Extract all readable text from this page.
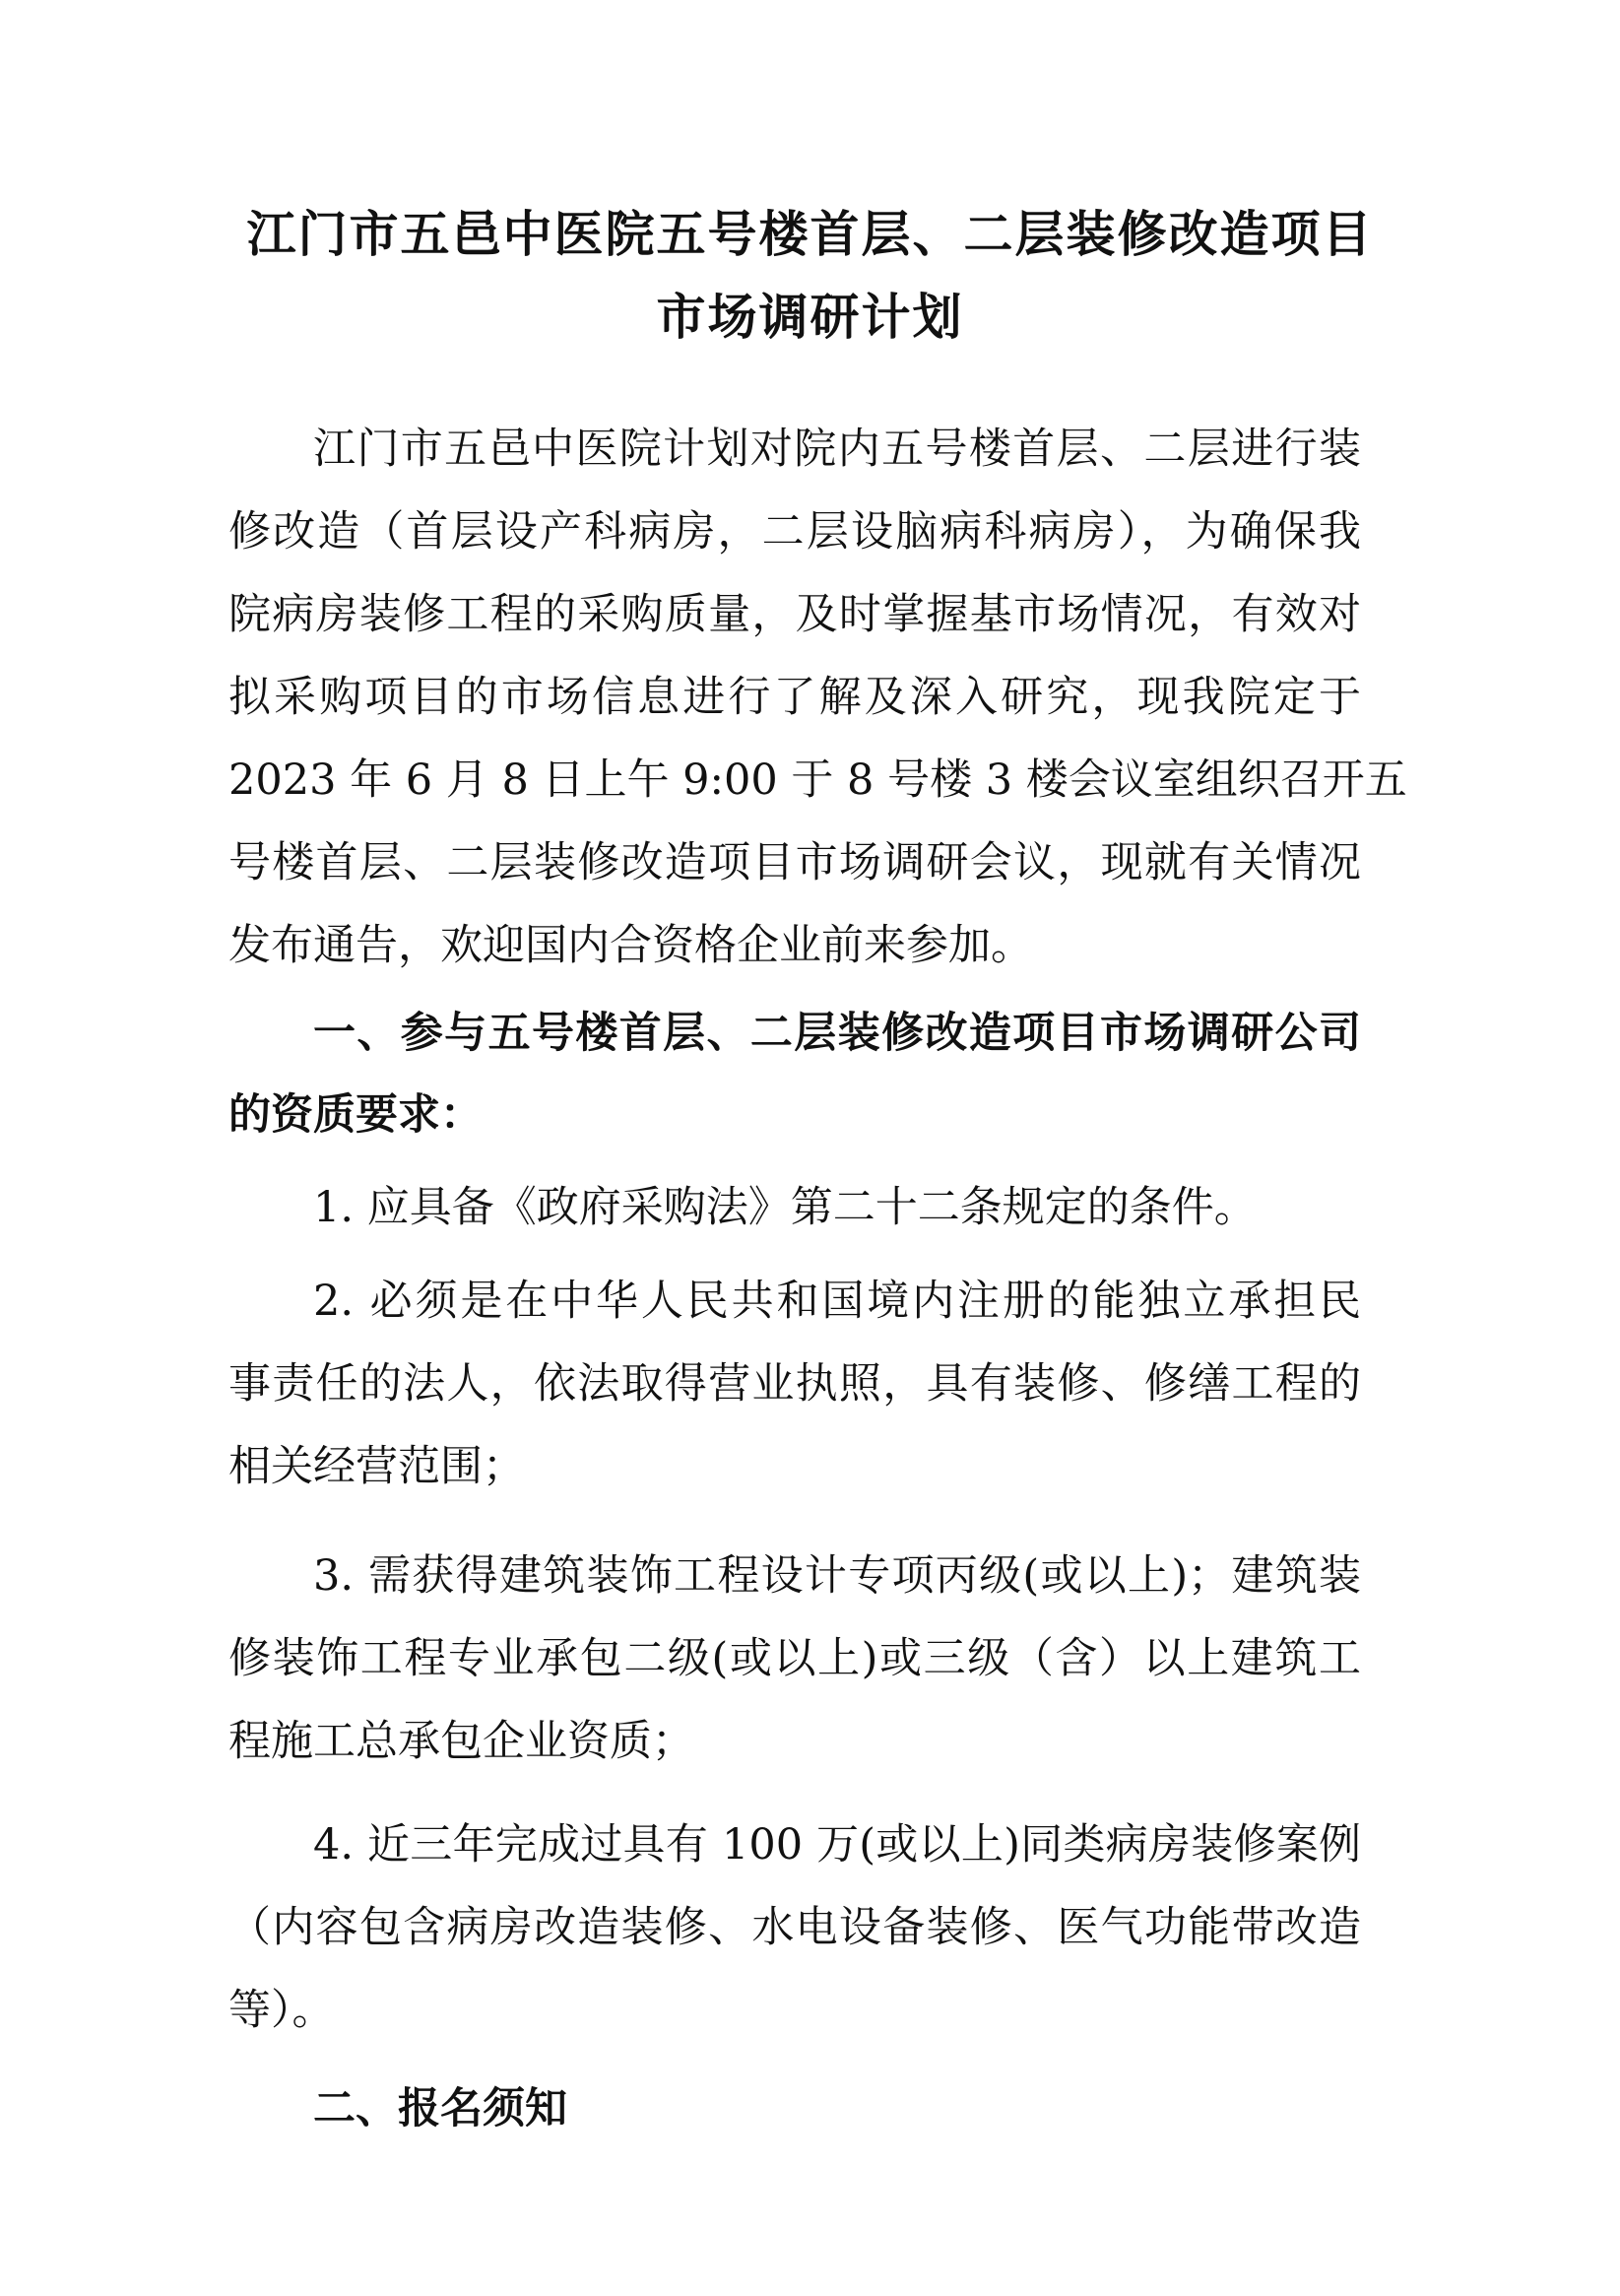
江门市五邑中医院五号楼首层、二层装修改造项目
市场调研计划

江门市五邑中医院计划对院内五号楼首层、二层进行装

修改造（首层设产科病房，二层设脑病科病房），为确保我

院病房装修工程的采购质量，及时掌握基市场情况，有效对

拟采购项目的市场信息进行了解及深入研究，现我院定于

2023 年 6 月 8 日上午 9:00 于 8 号楼 3 楼会议室组织召开五

号楼首层、二层装修改造项目市场调研会议，现就有关情况

发布通告，欢迎国内合资格企业前来参加。

一、参与五号楼首层、二层装修改造项目市场调研公司

的资质要求：

1. 应具备《政府采购法》第二十二条规定的条件。

2. 必须是在中华人民共和国境内注册的能独立承担民

事责任的法人，依法取得营业执照，具有装修、修缮工程的

相关经营范围；

3. 需获得建筑装饰工程设计专项丙级(或以上)；建筑装

修装饰工程专业承包二级(或以上)或三级（含）以上建筑工

程施工总承包企业资质；

4. 近三年完成过具有 100 万(或以上)同类病房装修案例

（内容包含病房改造装修、水电设备装修、医气功能带改造

等）。

二、报名须知
